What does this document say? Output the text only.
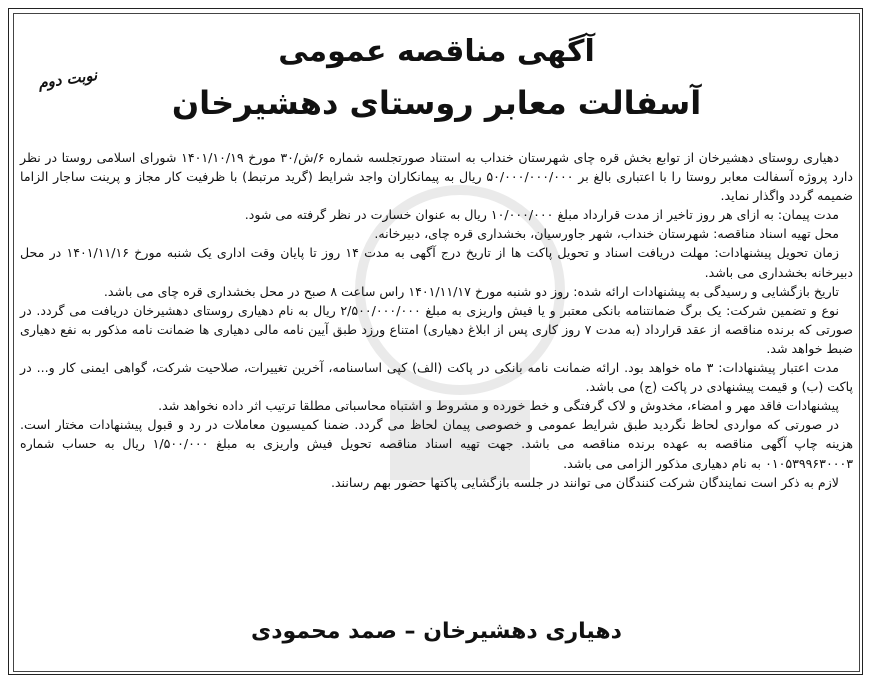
آگهی مناقصه عمومی
آسفالت معابر روستای دهشیرخان
نوبت دوم

دهیاری روستای دهشیرخان از توابع بخش قره چای شهرستان خنداب به استناد صورتجلسه شماره ۶/ش/۳۰ مورخ ۱۴۰۱/۱۰/۱۹ شورای اسلامی روستا در نظر دارد پروژه آسفالت معابر روستا را با اعتباری بالغ بر ۵۰/۰۰۰/۰۰۰/۰۰۰ ریال به پیمانکاران واجد شرایط (گرید مرتبط) با ظرفیت کار مجاز و پرینت ساجار الزاما ضمیمه گردد واگذار نماید.

مدت پیمان: به ازای هر روز تاخیر از مدت قرارداد مبلغ ۱۰/۰۰۰/۰۰۰ ریال به عنوان خسارت در نظر گرفته می شود.

محل تهیه اسناد مناقصه: شهرستان خنداب، شهر جاورسیان، بخشداری قره چای، دبیرخانه.

زمان تحویل پیشنهادات: مهلت دریافت اسناد و تحویل پاکت ها از تاریخ درج آگهی به مدت ۱۴ روز تا پایان وقت اداری یک شنبه مورخ ۱۴۰۱/۱۱/۱۶ در محل دبیرخانه بخشداری می باشد.

تاریخ بازگشایی و رسیدگی به پیشنهادات ارائه شده: روز دو شنبه مورخ ۱۴۰۱/۱۱/۱۷ راس ساعت ۸ صبح در محل بخشداری قره چای می باشد.

نوع و تضمین شرکت: یک برگ ضمانتنامه بانکی معتبر و یا فیش واریزی به مبلغ ۲/۵۰۰/۰۰۰/۰۰۰ ریال به نام دهیاری روستای دهشیرخان دریافت می گردد. در صورتی که برنده مناقصه از عقد قرارداد (به مدت ۷ روز کاری پس از ابلاغ دهیاری) امتناع ورزد طبق آیین نامه مالی دهیاری ها ضمانت نامه مذکور به نفع دهیاری ضبط خواهد شد.

مدت اعتبار پیشنهادات: ۳ ماه خواهد بود. ارائه ضمانت نامه بانکی در پاکت (الف) کپی اساسنامه، آخرین تغییرات، صلاحیت شرکت، گواهی ایمنی کار و... در پاکت (ب) و قیمت پیشنهادی در پاکت (ج) می باشد.

پیشنهادات فاقد مهر و امضاء، مخدوش و لاک گرفتگی و خط خورده و مشروط و اشتباه محاسباتی مطلقا ترتیب اثر داده نخواهد شد.

در صورتی که مواردی لحاظ نگردید طبق شرایط عمومی و خصوصی پیمان لحاظ می گردد. ضمنا کمیسیون معاملات در رد و قبول پیشنهادات مختار است. هزینه چاپ آگهی مناقصه به عهده برنده مناقصه می باشد. جهت تهیه اسناد مناقصه تحویل فیش واریزی به مبلغ ۱/۵۰۰/۰۰۰ ریال به حساب شماره ۰۱۰۵۳۹۹۶۳۰۰۰۳ به نام دهیاری مذکور الزامی می باشد.

لازم به ذکر است نمایندگان شرکت کنندگان می توانند در جلسه بازگشایی پاکتها حضور بهم رسانند.

دهیاری دهشیرخان – صمد محمودی
